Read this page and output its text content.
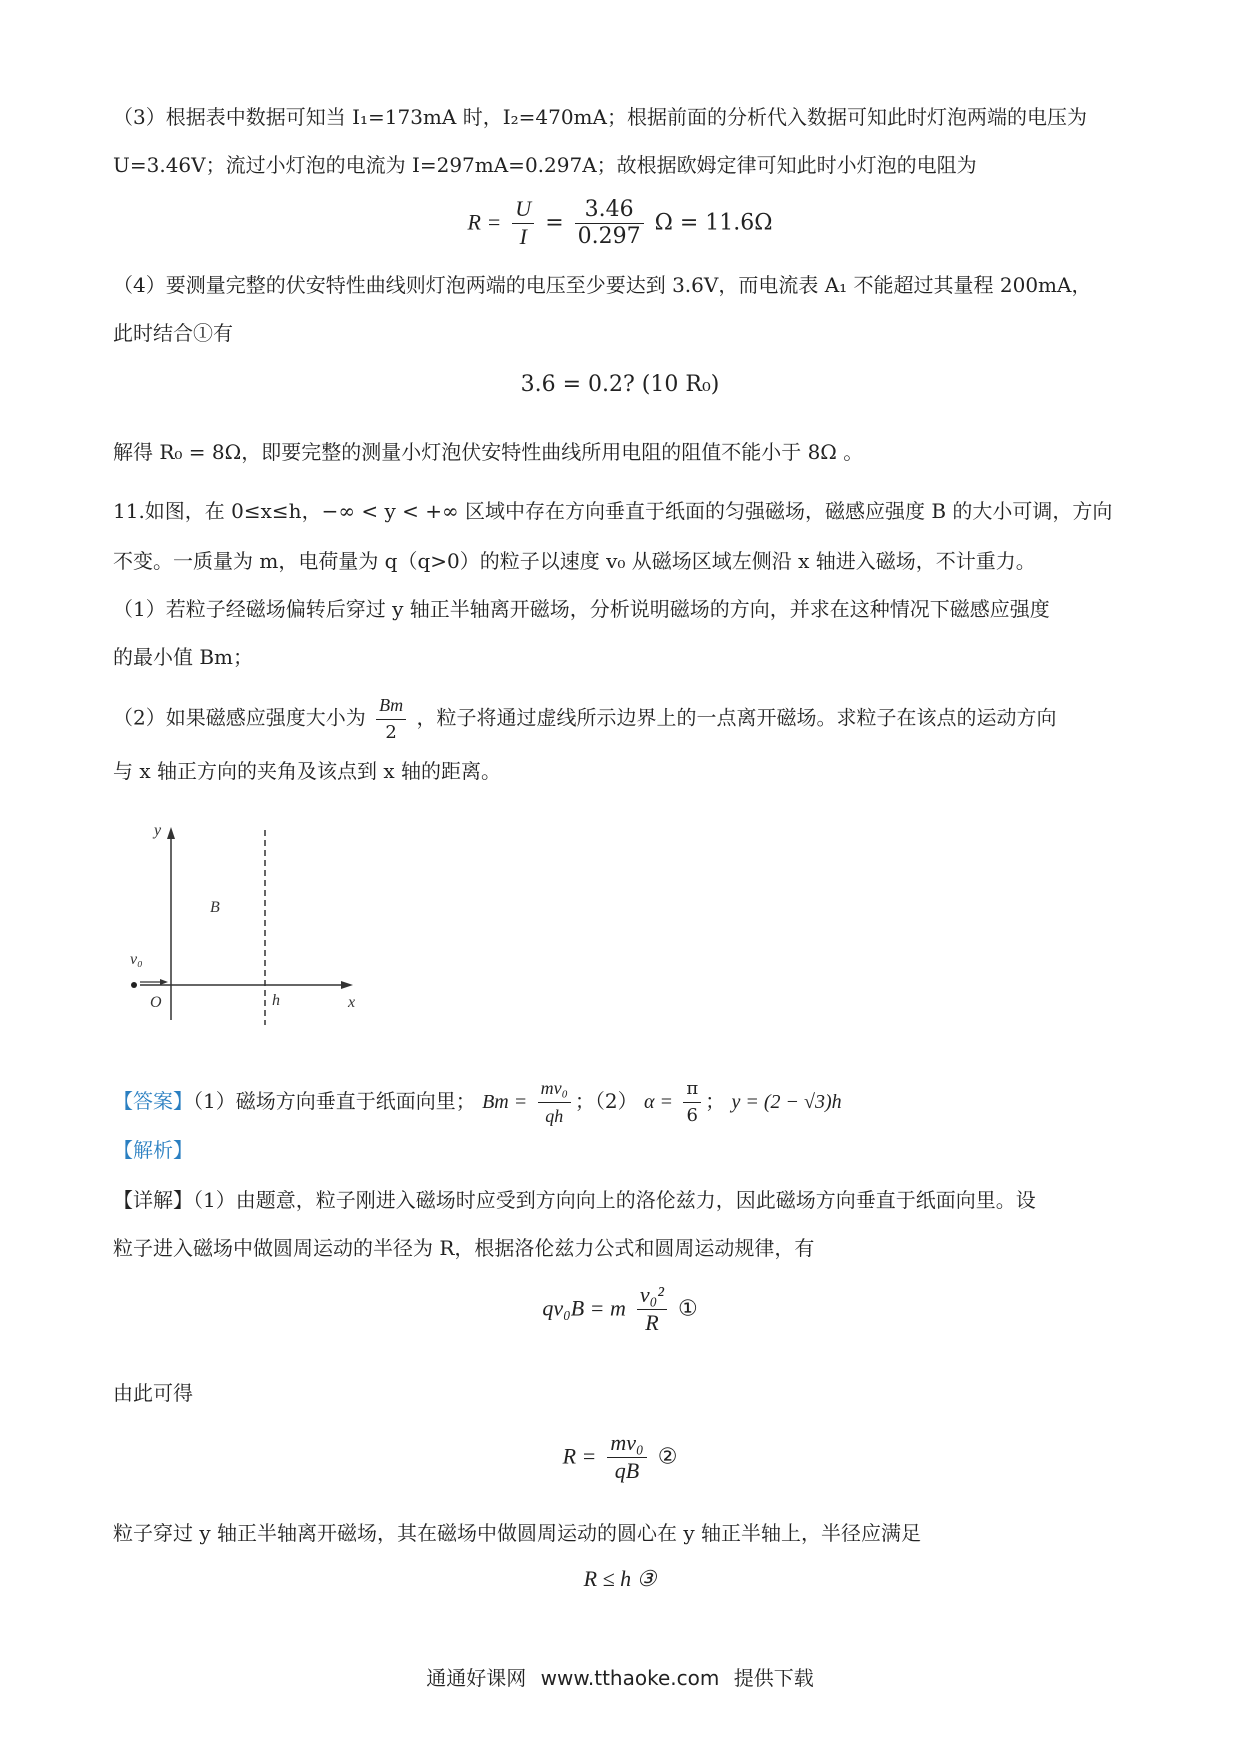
（3）根据表中数据可知当 I₁=173mA 时，I₂=470mA；根据前面的分析代入数据可知此时灯泡两端的电压为
U=3.46V；流过小灯泡的电流为 I=297mA=0.297A；故根据欧姆定律可知此时小灯泡的电阻为
$R = \frac{U}{I} = \frac{3.46}{0.297}$ Ω = 11.6Ω
（4）要测量完整的伏安特性曲线则灯泡两端的电压至少要达到 3.6V，而电流表 A₁ 不能超过其量程 200mA，
此时结合①有
3.6 = 0.2? (10 R₀)
解得 R₀ = 8Ω，即要完整的测量小灯泡伏安特性曲线所用电阻的阻值不能小于 8Ω 。
11.如图，在 0≤x≤h，−∞ < y < +∞ 区域中存在方向垂直于纸面的匀强磁场，磁感应强度 B 的大小可调，方向
不变。一质量为 m，电荷量为 q（q>0）的粒子以速度 v₀ 从磁场区域左侧沿 x 轴进入磁场，不计重力。
（1）若粒子经磁场偏转后穿过 y 轴正半轴离开磁场，分析说明磁场的方向，并求在这种情况下磁感应强度
的最小值 Bm；
（2）如果磁感应强度大小为 $\frac{Bm}{2}$ ，粒子将通过虚线所示边界上的一点离开磁场。求粒子在该点的运动方向
与 x 轴正方向的夹角及该点到 x 轴的距离。
y
x
O	h
B
v₀
【答案】（1）磁场方向垂直于纸面向里； $Bm = \frac{\text{mv₀}}{qh}$ ；（2） $\alpha = \frac{\pi}{6}$ ； y = (2 − √3)h
【解析】
【详解】（1）由题意，粒子刚进入磁场时应受到方向向上的洛伦兹力，因此磁场方向垂直于纸面向里。设
粒子进入磁场中做圆周运动的半径为 R，根据洛伦兹力公式和圆周运动规律，有
qv₀B = m $\frac{\text{v₀²}}{R}$ ①
由此可得
$R = \frac{\text{mv₀}}{qB}$ ②
粒子穿过 y 轴正半轴离开磁场，其在磁场中做圆周运动的圆心在 y 轴正半轴上，半径应满足
R ≤ h ③
通通好课网 www.tthaoke.com 提供下载
